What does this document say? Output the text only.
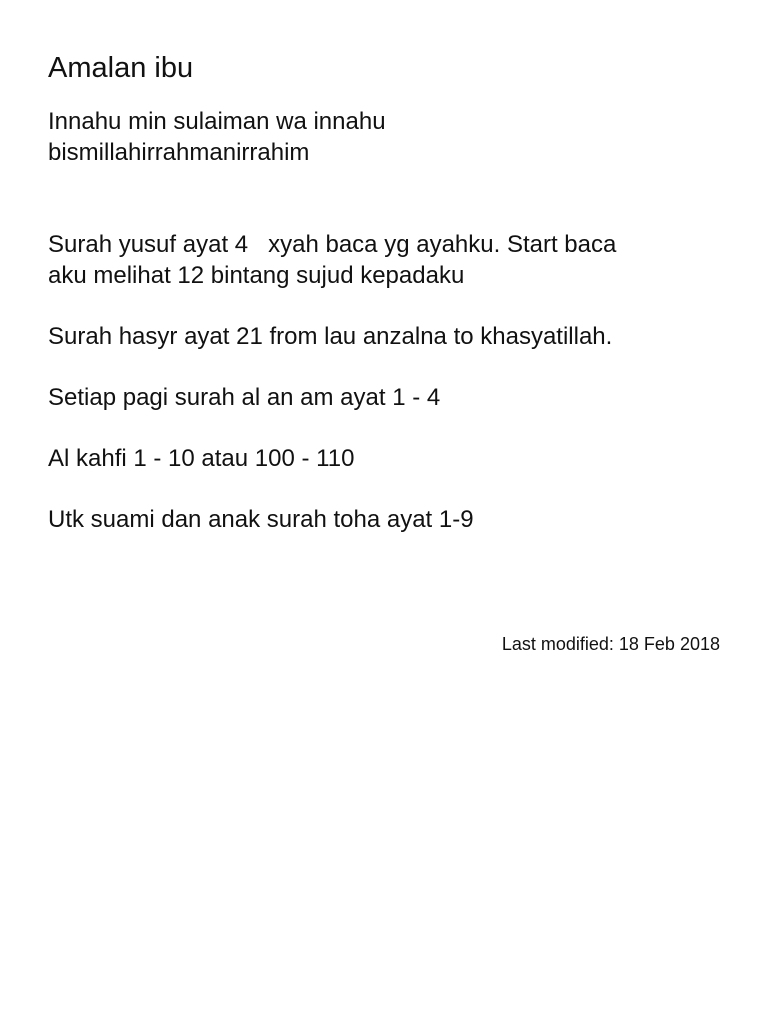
Amalan ibu

Innahu min sulaiman wa innahu
bismillahirrahmanirrahim

Surah yusuf ayat 4   xyah baca yg ayahku. Start baca
aku melihat 12 bintang sujud kepadaku

Surah hasyr ayat 21 from lau anzalna to khasyatillah.

Setiap pagi surah al an am ayat 1 - 4

Al kahfi 1 - 10 atau 100 - 110

Utk suami dan anak surah toha ayat 1-9

Last modified: 18 Feb 2018
